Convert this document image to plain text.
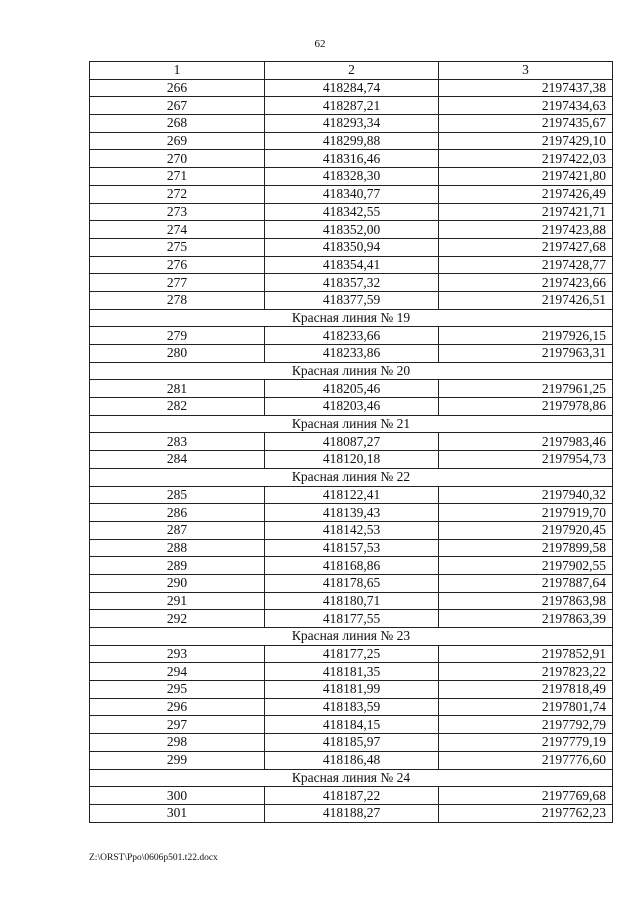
62
1	2	3
266	418284,74	2197437,38
267	418287,21	2197434,63
268	418293,34	2197435,67
269	418299,88	2197429,10
270	418316,46	2197422,03
271	418328,30	2197421,80
272	418340,77	2197426,49
273	418342,55	2197421,71
274	418352,00	2197423,88
275	418350,94	2197427,68
276	418354,41	2197428,77
277	418357,32	2197423,66
278	418377,59	2197426,51
Красная линия № 19		
279	418233,66	2197926,15
280	418233,86	2197963,31
Красная линия № 20		
281	418205,46	2197961,25
282	418203,46	2197978,86
Красная линия № 21		
283	418087,27	2197983,46
284	418120,18	2197954,73
Красная линия № 22		
285	418122,41	2197940,32
286	418139,43	2197919,70
287	418142,53	2197920,45
288	418157,53	2197899,58
289	418168,86	2197902,55
290	418178,65	2197887,64
291	418180,71	2197863,98
292	418177,55	2197863,39
Красная линия № 23		
293	418177,25	2197852,91
294	418181,35	2197823,22
295	418181,99	2197818,49
296	418183,59	2197801,74
297	418184,15	2197792,79
298	418185,97	2197779,19
299	418186,48	2197776,60
Красная линия № 24		
300	418187,22	2197769,68
301	418188,27	2197762,23
Z:\ORST\Ppo\0606p501.t22.docx
